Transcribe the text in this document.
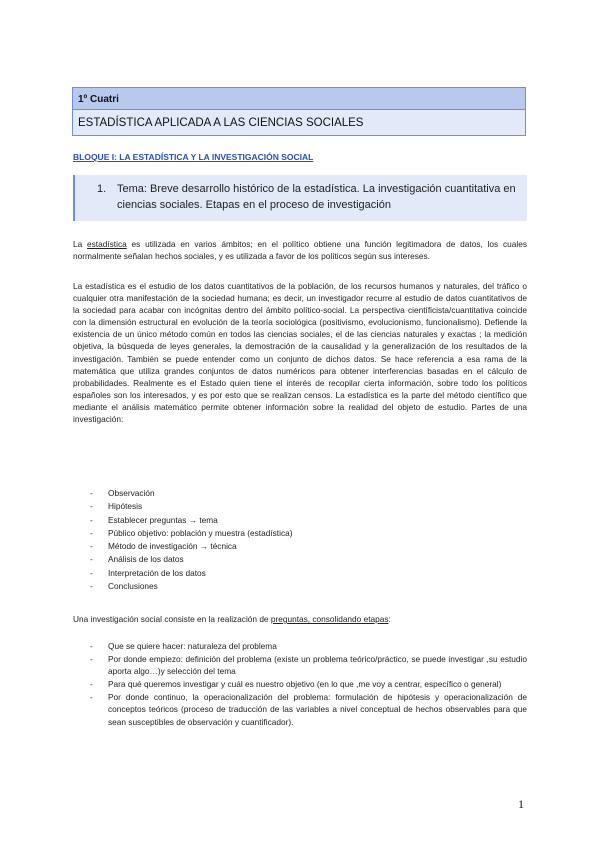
1º Cuatri
ESTADÍSTICA APLICADA A LAS CIENCIAS SOCIALES
BLOQUE I: LA ESTADÍSTICA Y LA INVESTIGACIÓN SOCIAL
1. Tema: Breve desarrollo histórico de la estadística. La investigación cuantitativa en ciencias sociales. Etapas en el proceso de investigación

La estadística es utilizada en varios ámbitos; en el político obtiene una función legitimadora de datos, los cuales normalmente señalan hechos sociales, y es utilizada a favor de los políticos según sus intereses.

La estadística es el estudio de los datos cuantitativos de la población, de los recursos humanos y naturales, del tráfico o cualquier otra manifestación de la sociedad humana; es decir, un investigador recurre al estudio de datos cuantitativos de la sociedad para acabar con incógnitas dentro del ámbito político-social. La perspectiva científicista/cuantitativa coincide con la dimensión estructural en evolución de la teoría sociológica (positivismo, evolucionismo, funcionalismo). Defiende la existencia de un único método común en todos las ciencias sociales, el de las ciencias naturales y exactas ; la medición objetiva, la búsqueda de leyes generales, la demostración de la causalidad y la generalización de los resultados de la investigación. También se puede entender como un conjunto de dichos datos. Se hace referencia a esa rama de la matemática que utiliza grandes conjuntos de datos numéricos para obtener interferencias basadas en el cálculo de probabilidades. Realmente es el Estado quien tiene el interés de recopilar cierta información, sobre todo los políticos españoles son los interesados, y es por esto que se realizan censos. La estadística es la parte del método científico que mediante el análisis matemático permite obtener información sobre la realidad del objeto de estudio. Partes de una investigación:

- Observación
- Hipótesis
- Establecer preguntas → tema
- Público objetivo: población y muestra (estadística)
- Método de investigación → técnica
- Análisis de los datos
- Interpretación de los datos
- Conclusiones

Una investigación social consiste en la realización de preguntas, consolidando etapas:

- Que se quiere hacer: naturaleza del problema
- Por donde empiezo: definición del problema (existe un problema teórico/práctico, se puede investigar ,su estudio aporta algo…)y selección del tema
- Para qué queremos investigar y cuál es nuestro objetivo (en lo que ,me voy a centrar, específico o general)
- Por donde continuo, la operacionalización del problema: formulación de hipótesis y operacionalización de conceptos teóricos (proceso de traducción de las variables a nivel conceptual de hechos observables para que sean susceptibles de observación y cuantificador).
1
